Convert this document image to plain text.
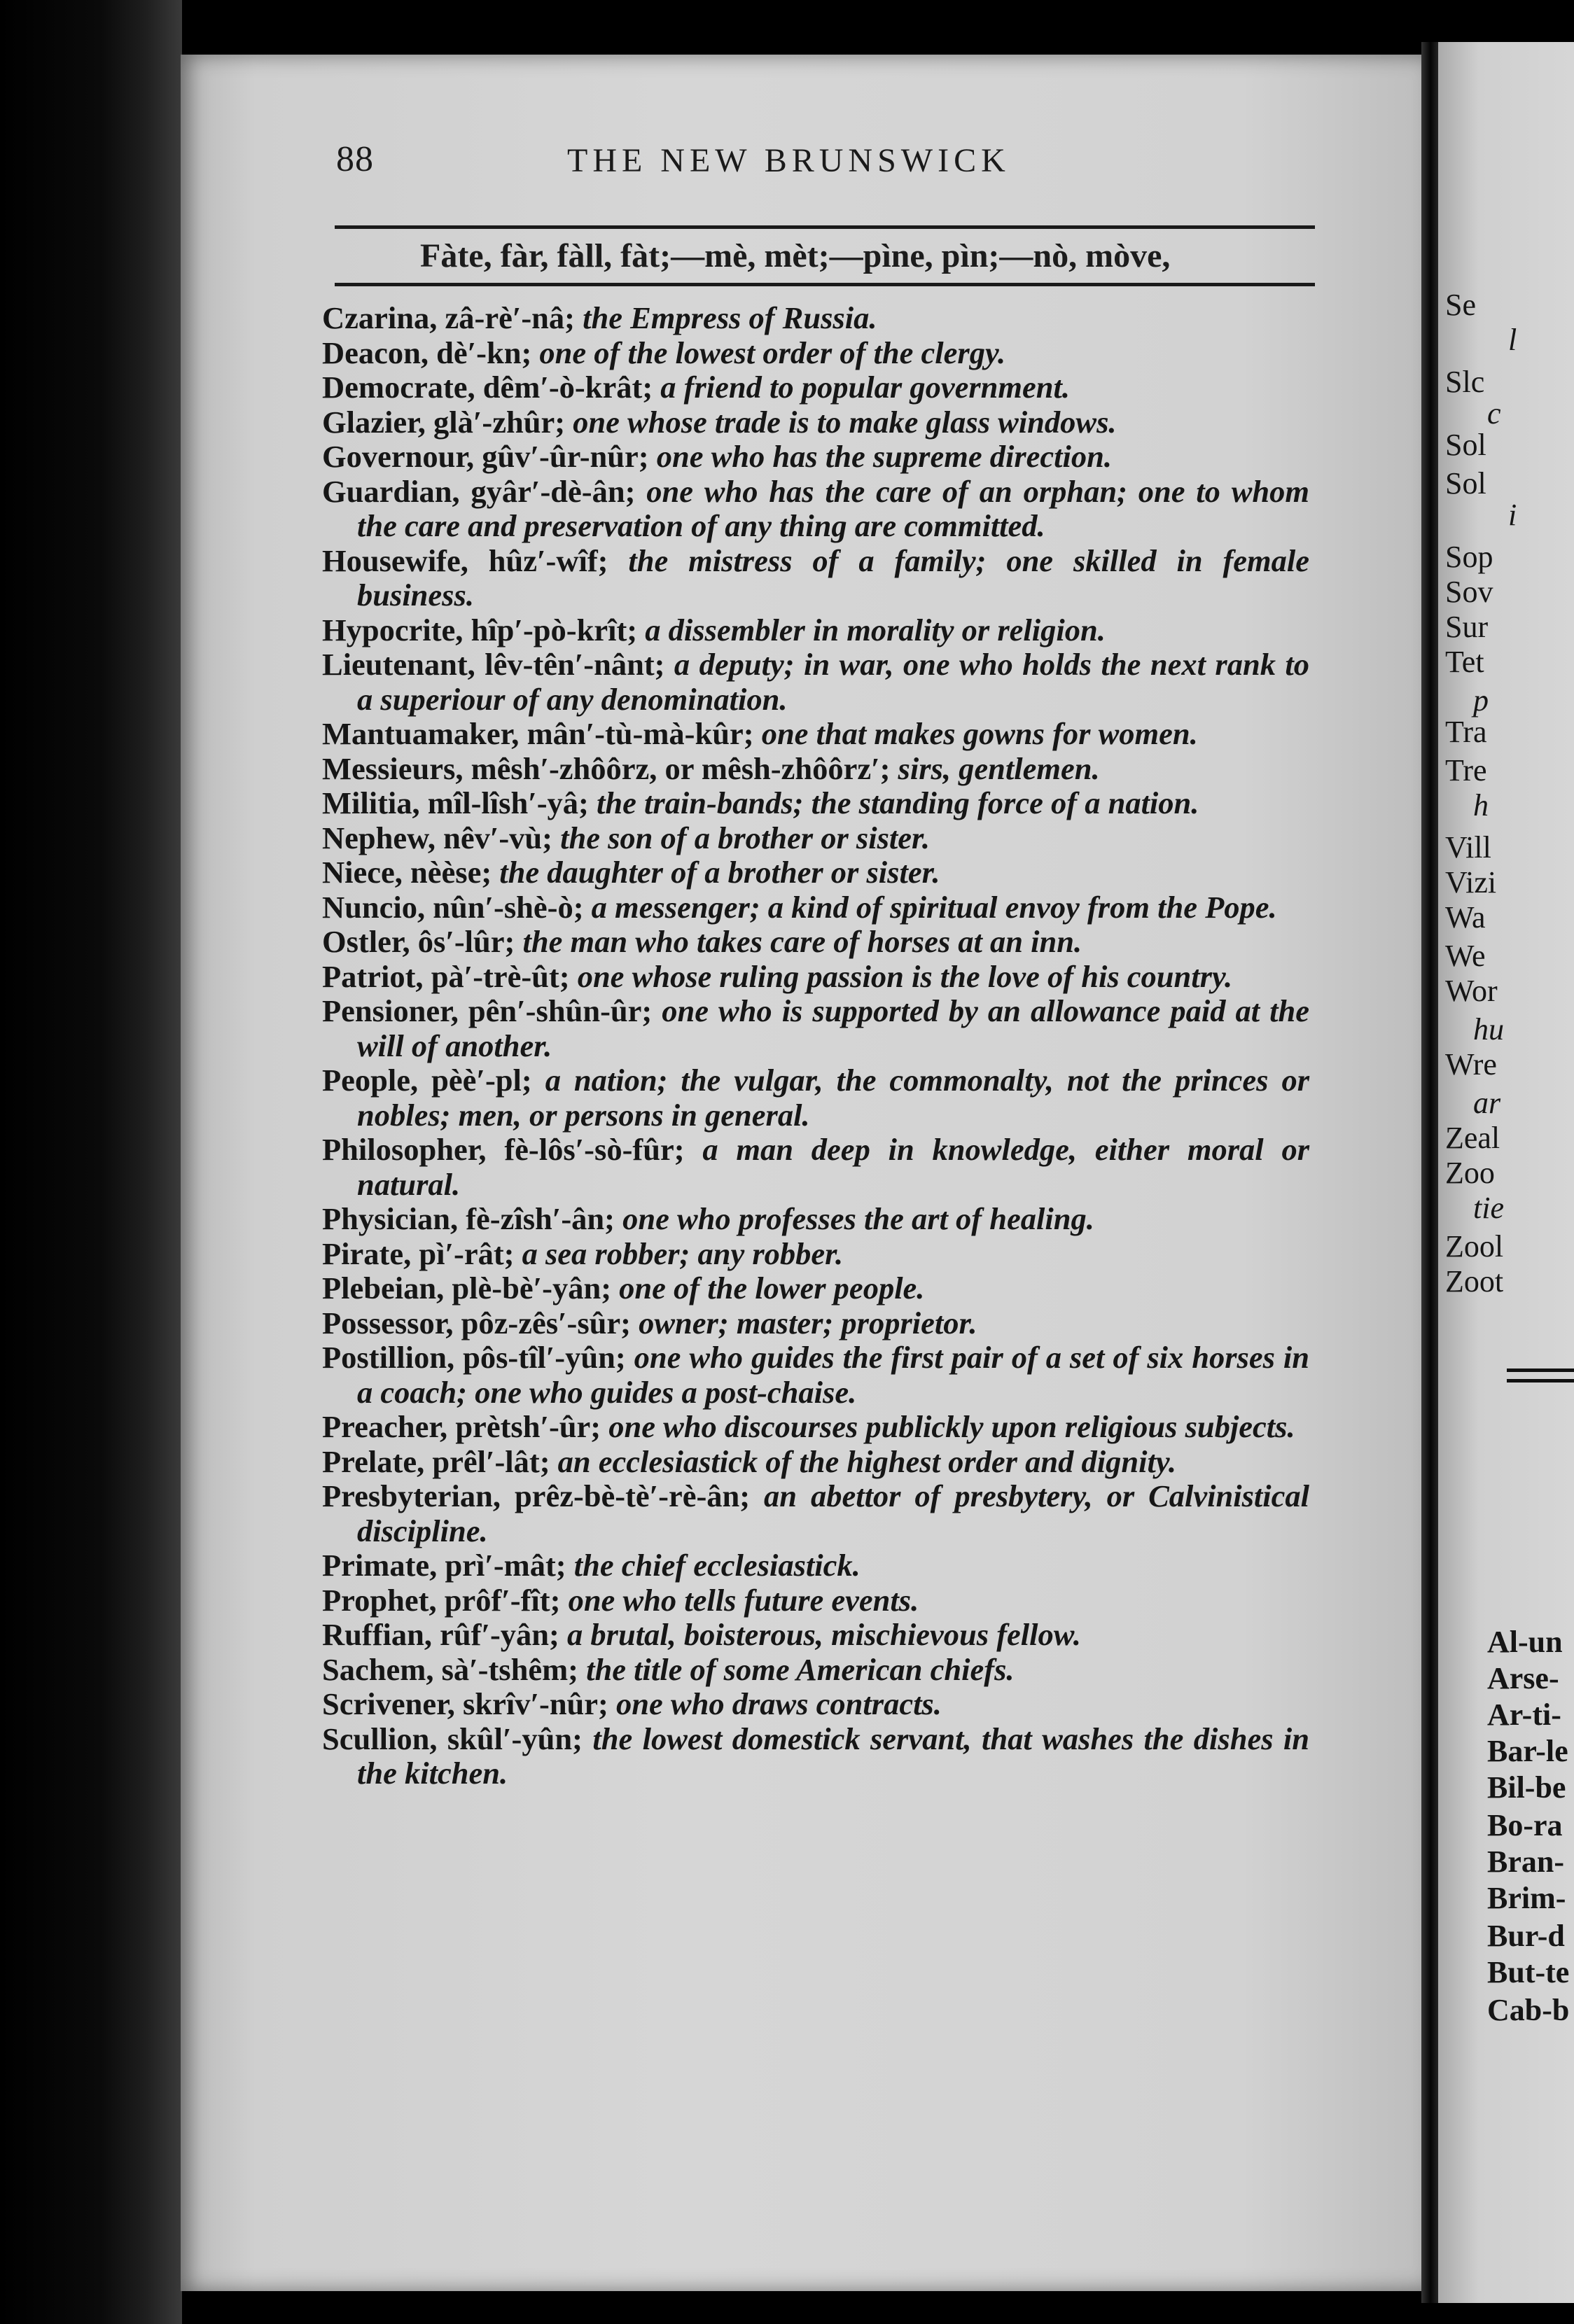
Se
l
Slc
c
Sol
Sol
i
Sop
Sov
Sur
Tet
p
Tra
Tre
h
Vill
Vizi
Wa
We
Wor
hu
Wre
ar
Zeal
Zoo
tie
Zool
Zoot
Al-un
Arse-
Ar-ti-
Bar-le
Bil-be
Bo-ra
Bran-
Brim-
Bur-d
But-te
Cab-b
88	THE NEW BRUNSWICK
Fàte, fàr, fàll, fàt;—mè, mèt;—pìne, pìn;—nò, mòve,
Czarina, zâ-rè′-nâ; the Empress of Russia.
Deacon, dè′-kn; one of the lowest order of the clergy.
Democrate, dêm′-ò-krât; a friend to popular government.
Glazier, glà′-zhûr; one whose trade is to make glass windows.
Governour, gûv′-ûr-nûr; one who has the supreme direction.
Guardian, gyâr′-dè-ân; one who has the care of an orphan; one to whom the care and preservation of any thing are committed.
Housewife, hûz′-wîf; the mistress of a family; one skilled in female business.
Hypocrite, hîp′-pò-krît; a dissembler in morality or religion.
Lieutenant, lêv-tên′-nânt; a deputy; in war, one who holds the next rank to a superiour of any denomination.
Mantuamaker, mân′-tù-mà-kûr; one that makes gowns for women.
Messieurs, mêsh′-zhôôrz, or mêsh-zhôôrz′; sirs, gentlemen.
Militia, mîl-lîsh′-yâ; the train-bands; the standing force of a nation.
Nephew, nêv′-vù; the son of a brother or sister.
Niece, nèèse; the daughter of a brother or sister.
Nuncio, nûn′-shè-ò; a messenger; a kind of spiritual envoy from the Pope.
Ostler, ôs′-lûr; the man who takes care of horses at an inn.
Patriot, pà′-trè-ût; one whose ruling passion is the love of his country.
Pensioner, pên′-shûn-ûr; one who is supported by an allowance paid at the will of another.
People, pèè′-pl; a nation; the vulgar, the commonalty, not the princes or nobles; men, or persons in general.
Philosopher, fè-lôs′-sò-fûr; a man deep in knowledge, either moral or natural.
Physician, fè-zîsh′-ân; one who professes the art of healing.
Pirate, pì′-rât; a sea robber; any robber.
Plebeian, plè-bè′-yân; one of the lower people.
Possessor, pôz-zês′-sûr; owner; master; proprietor.
Postillion, pôs-tîl′-yûn; one who guides the first pair of a set of six horses in a coach; one who guides a post-chaise.
Preacher, prètsh′-ûr; one who discourses publickly upon religious subjects.
Prelate, prêl′-lât; an ecclesiastick of the highest order and dignity.
Presbyterian, prêz-bè-tè′-rè-ân; an abettor of presbytery, or Calvinistical discipline.
Primate, prì′-mât; the chief ecclesiastick.
Prophet, prôf′-fît; one who tells future events.
Ruffian, rûf′-yân; a brutal, boisterous, mischievous fellow.
Sachem, sà′-tshêm; the title of some American chiefs.
Scrivener, skrîv′-nûr; one who draws contracts.
Scullion, skûl′-yûn; the lowest domestick servant, that washes the dishes in the kitchen.
